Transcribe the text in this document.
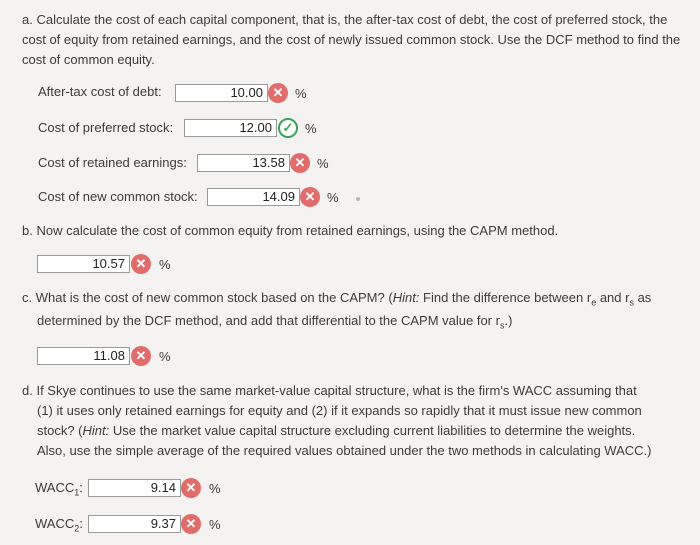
a. Calculate the cost of each capital component, that is, the after-tax cost of debt, the cost of preferred stock, the cost of equity from retained earnings, and the cost of newly issued common stock. Use the DCF method to find the cost of common equity.
After-tax cost of debt:	10.00 ✕ %
Cost of preferred stock:	12.00 ✓ %
Cost of retained earnings:	13.58 ✕ %
Cost of new common stock:	14.09 ✕ %
b. Now calculate the cost of common equity from retained earnings, using the CAPM method.
10.57 ✕ %
c. What is the cost of new common stock based on the CAPM? (Hint: Find the difference between $r_e$ and $r_s$ as
determined by the DCF method, and add that differential to the CAPM value for $r_s$.)
11.08 ✕ %
d. If Skye continues to use the same market-value capital structure, what is the firm's WACC assuming that
(1) it uses only retained earnings for equity and (2) if it expands so rapidly that it must issue new common
stock? (Hint: Use the market value capital structure excluding current liabilities to determine the weights.
Also, use the simple average of the required values obtained under the two methods in calculating WACC.)
$WACC_1$:	9.14 ✕ %
$WACC_2$:	9.37 ✕ %
